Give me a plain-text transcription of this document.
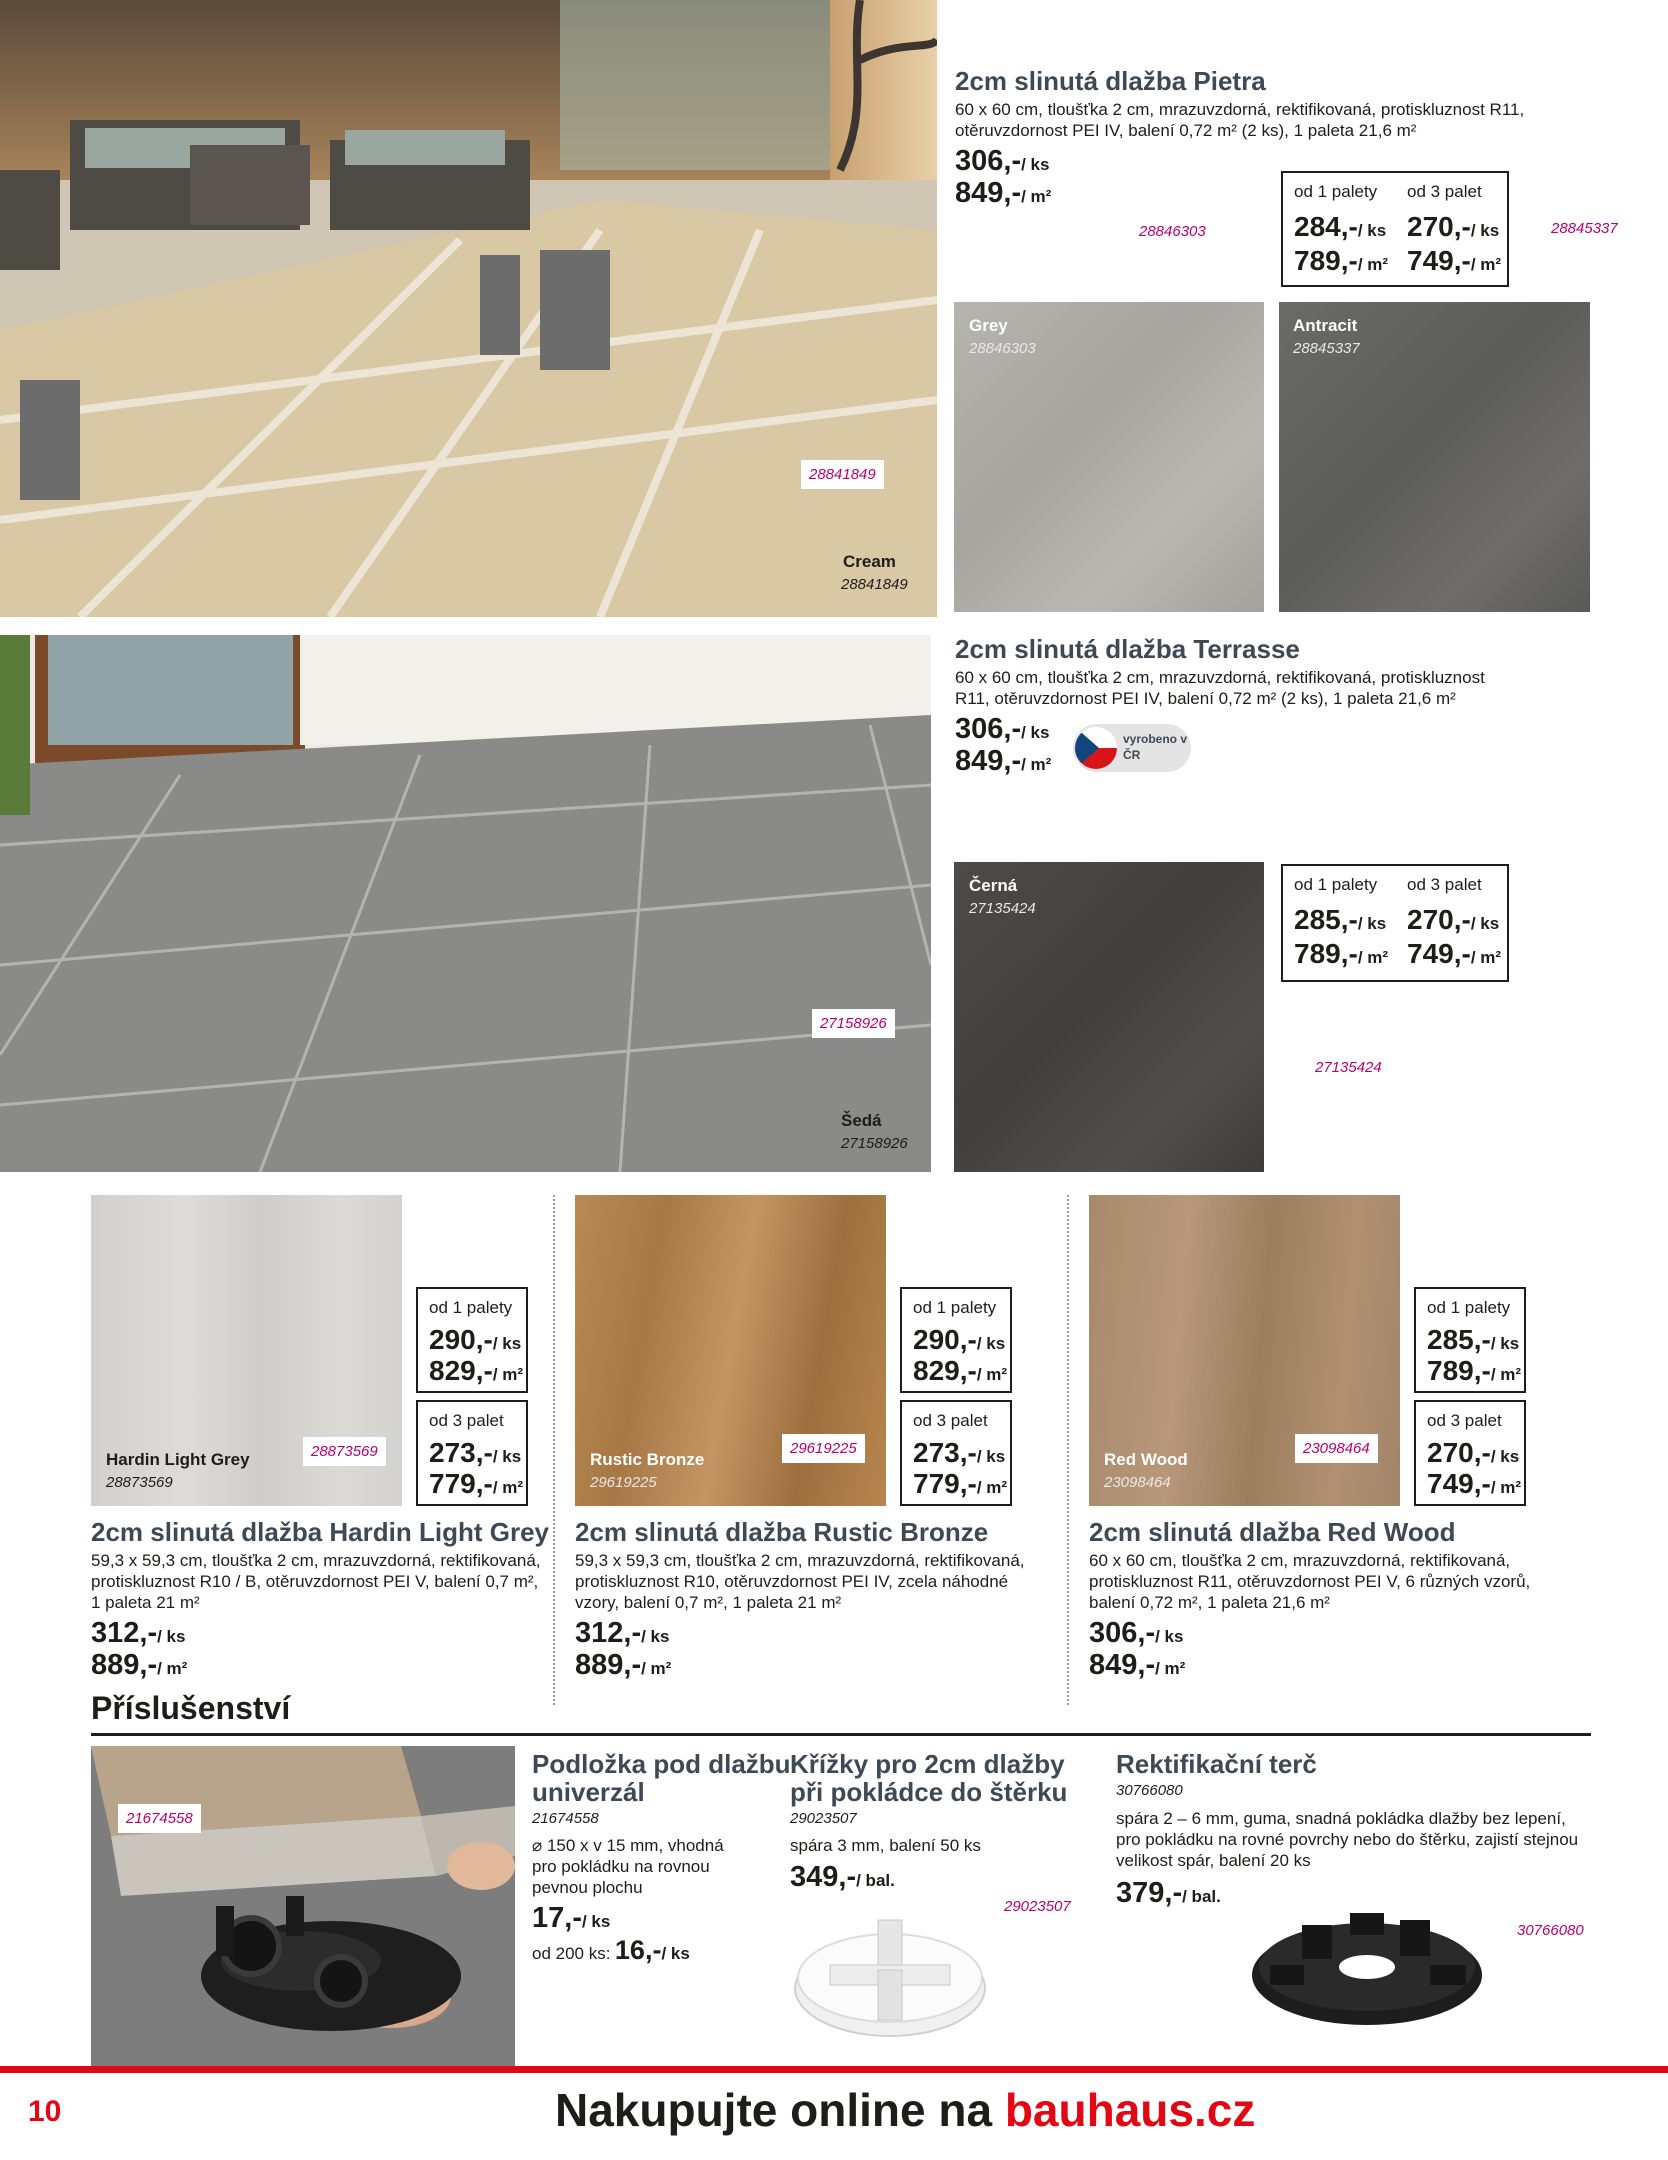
28841849
Cream
28841849
2cm slinutá dlažba Pietra
60 x 60 cm, tloušťka 2 cm, mrazuvzdorná, rektifikovaná, protiskluznost R11, otěruvzdornost PEI IV, balení 0,72 m² (2 ks), 1 paleta 21,6 m²
306,-/ ks
849,-/ m²
28846303	28845337
od 1 palety od 3 palet
284,-/ ks 270,-/ ks
789,-/ m² 749,-/ m²
Grey
28846303
Antracit
28845337
27158926
Šedá
27158926
2cm slinutá dlažba Terrasse
60 x 60 cm, tloušťka 2 cm, mrazuvzdorná, rektifikovaná, protiskluznost R11, otěruvzdornost PEI IV, balení 0,72 m² (2 ks), 1 paleta 21,6 m²
306,-/ ks
849,-/ m²
vyrobeno v ČR
Černá
27135424
od 1 palety od 3 palet
285,-/ ks 270,-/ ks
789,-/ m² 749,-/ m²
27135424
Hardin Light Grey
28873569
28873569
od 1 palety
290,-/ ks
829,-/ m²
od 3 palet
273,-/ ks
779,-/ m²
2cm slinutá dlažba Hardin Light Grey
59,3 x 59,3 cm, tloušťka 2 cm, mrazuvzdorná, rektifikovaná, protiskluznost R10 / B, otěruvzdornost PEI V, balení 0,7 m², 1 paleta 21 m²
312,-/ ks
889,-/ m²
Rustic Bronze
29619225
29619225
od 1 palety
290,-/ ks
829,-/ m²
od 3 palet
273,-/ ks
779,-/ m²
2cm slinutá dlažba Rustic Bronze
59,3 x 59,3 cm, tloušťka 2 cm, mrazuvzdorná, rektifikovaná, protiskluznost R10, otěruvzdornost PEI IV, zcela náhodné vzory, balení 0,7 m², 1 paleta 21 m²
312,-/ ks
889,-/ m²
Red Wood
23098464
23098464
od 1 palety
285,-/ ks
789,-/ m²
od 3 palet
270,-/ ks
749,-/ m²
2cm slinutá dlažba Red Wood
60 x 60 cm, tloušťka 2 cm, mrazuvzdorná, rektifikovaná, protiskluznost R11, otěruvzdornost PEI V, 6 různých vzorů, balení 0,72 m², 1 paleta 21,6 m²
306,-/ ks
849,-/ m²
Příslušenství
21674558
Podložka pod dlažbu
univerzál
21674558
⌀ 150 x v 15 mm, vhodná pro pokládku na rovnou pevnou plochu
17,-/ ks
od 200 ks: 16,-/ ks
Křížky pro 2cm dlažby
při pokládce do štěrku
29023507
spára 3 mm, balení 50 ks
349,-/ bal.
29023507
Rektifikační terč
30766080
spára 2 – 6 mm, guma, snadná pokládka dlažby bez lepení, pro pokládku na rovné povrchy nebo do štěrku, zajistí stejnou velikost spár, balení 20 ks
379,-/ bal.
30766080
10	Nakupujte online na bauhaus.cz
